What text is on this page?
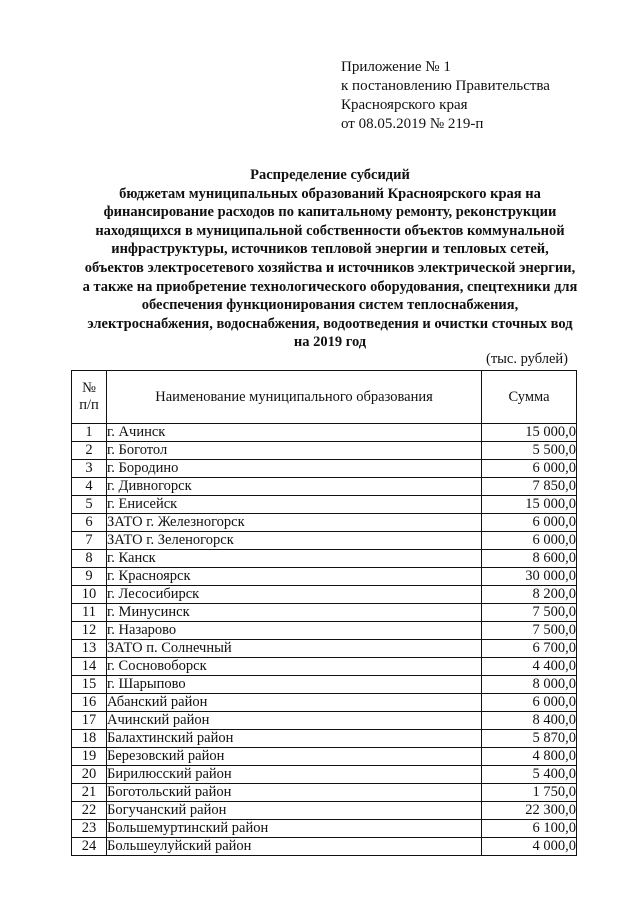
Приложение № 1
к постановлению Правительства
Красноярского края
от 08.05.2019 № 219-п
Распределение субсидий
бюджетам муниципальных образований Красноярского края на
финансирование расходов по капитальному ремонту, реконструкции
находящихся в муниципальной собственности объектов коммунальной
инфраструктуры, источников тепловой энергии и тепловых сетей,
объектов электросетевого хозяйства и источников электрической энергии,
а также на приобретение технологического оборудования, спецтехники для
обеспечения функционирования систем теплоснабжения,
электроснабжения, водоснабжения, водоотведения и очистки сточных вод
на 2019 год
(тыс. рублей)
№
п/п	Наименование муниципального образования	Сумма
1	г. Ачинск	15 000,0
2	г. Боготол	5 500,0
3	г. Бородино	6 000,0
4	г. Дивногорск	7 850,0
5	г. Енисейск	15 000,0
6	ЗАТО г. Железногорск	6 000,0
7	ЗАТО г. Зеленогорск	6 000,0
8	г. Канск	8 600,0
9	г. Красноярск	30 000,0
10	г. Лесосибирск	8 200,0
11	г. Минусинск	7 500,0
12	г. Назарово	7 500,0
13	ЗАТО п. Солнечный	6 700,0
14	г. Сосновоборск	4 400,0
15	г. Шарыпово	8 000,0
16	Абанский район	6 000,0
17	Ачинский район	8 400,0
18	Балахтинский район	5 870,0
19	Березовский район	4 800,0
20	Бирилюсский район	5 400,0
21	Боготольский район	1 750,0
22	Богучанский район	22 300,0
23	Большемуртинский район	6 100,0
24	Большеулуйский район	4 000,0
